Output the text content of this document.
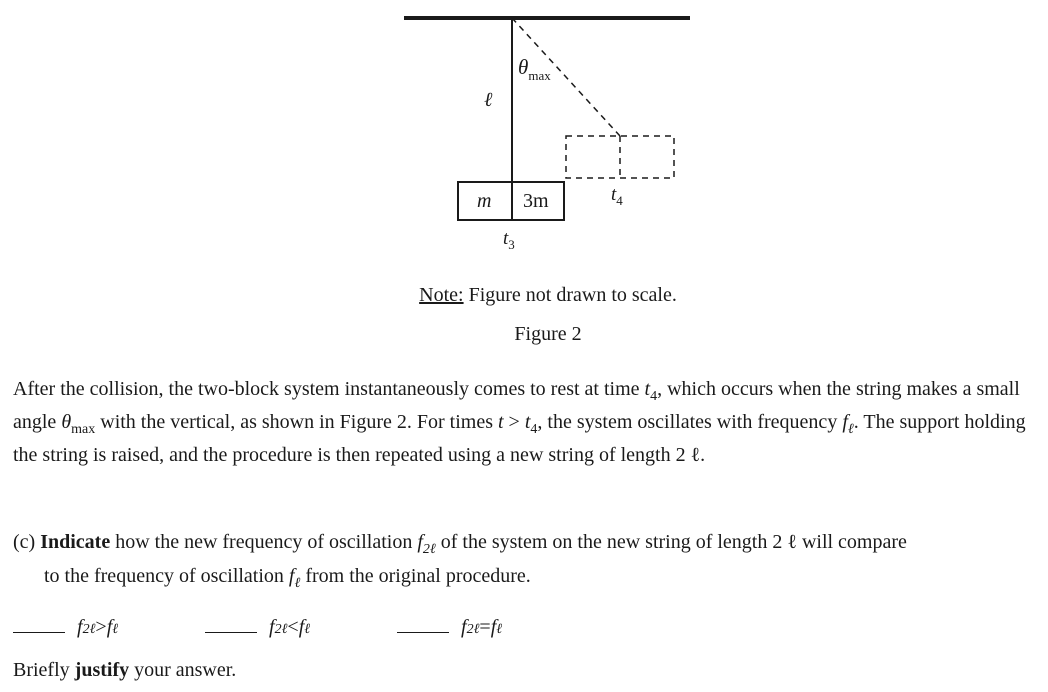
ℓ
$\theta_{max}$
m 3m
$t_3$
$t_4$
Note: Figure not drawn to scale.
Figure 2

After the collision, the two-block system instantaneously comes to rest at time $t_4$, which occurs when the string makes a small angle $\theta_{max}$ with the vertical, as shown in Figure 2. For times $t > t_4$, the system oscillates with frequency $f_\ell$. The support holding the string is raised, and the procedure is then repeated using a new string of length 2 ℓ.

(c) Indicate how the new frequency of oscillation $f_{2\ell}$ of the system on the new string of length 2 ℓ will compare
to the frequency of oscillation $f_\ell$ from the original procedure.
f 2ℓ > f ℓ	f 2ℓ < f ℓ	f 2ℓ = f ℓ
Briefly justify your answer.
